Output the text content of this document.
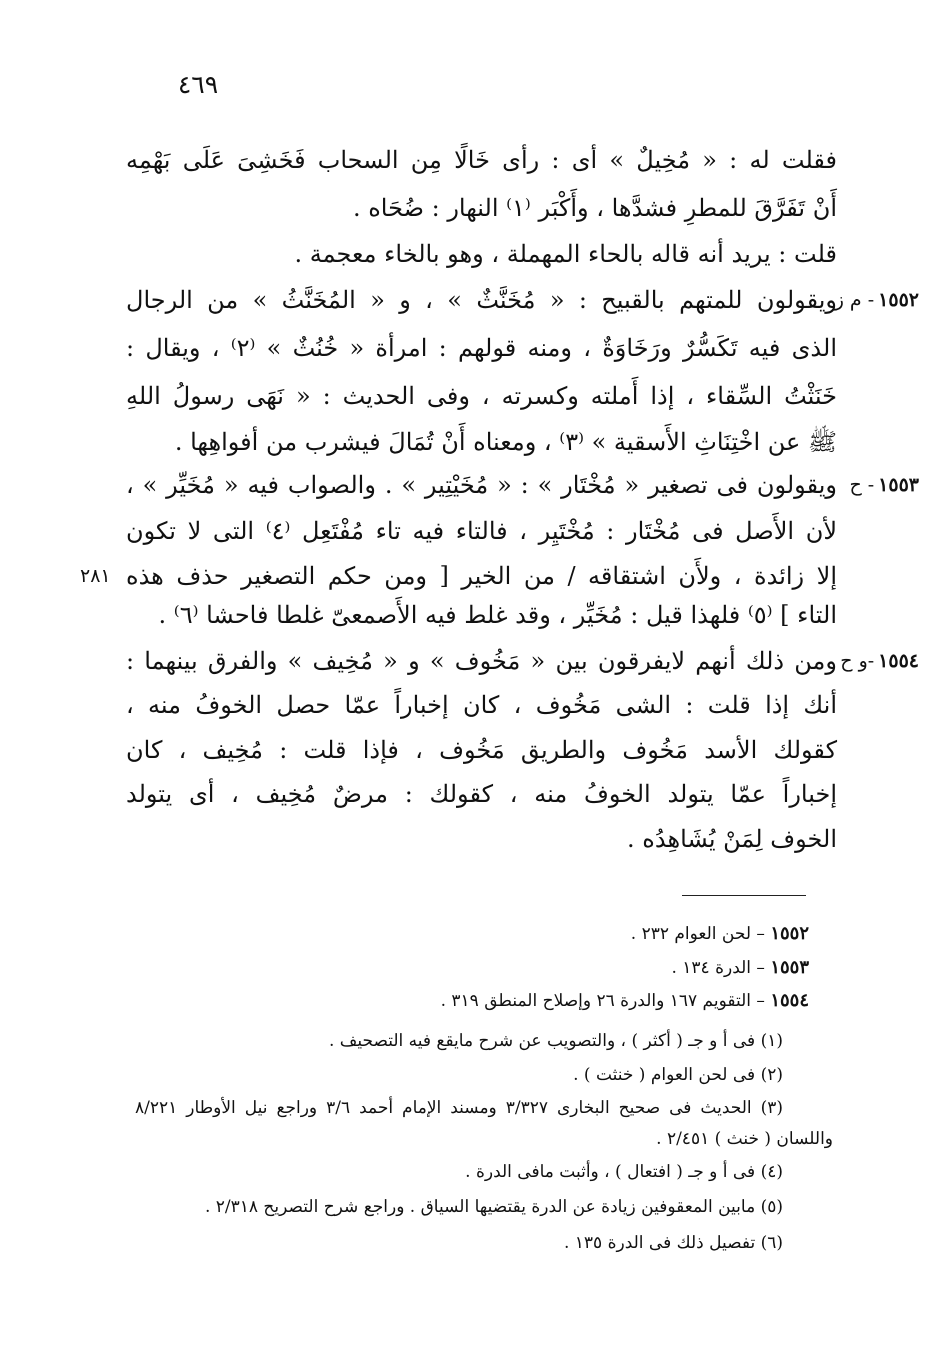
٤٦٩
فقلت له : « مُخِيلٌ » أى : رأى خَالًا مِن السحاب فَخَشِىَ عَلَى بَهْمِه
أَنْ تَفَرَّقَ للمطرِ فشدَّها ، وأَكْبَر ⁽١⁾ النهار : ضُحَاه .
قلت : يريد أنه قاله بالحاء المهملة ، وهو بالخاء معجمة .
١٥٥٢- م ز
ويقولون للمتهم بالقبيح : « مُخَنَّثٌ » ، و « المُخَنَّثُ » من الرجال
الذى فيه تَكَسُّرٌ ورَخَاوَةٌ ، ومنه قولهم : امرأة « خُنُثٌ » ⁽٢⁾ ، ويقال :
خَنَثْتُ السِّقاء ، إذا أَملته وكسرته ، وفى الحديث : « نَهَى رسولُ اللهِ
ﷺ عن اخْتِنَاثِ الأَسقية » ⁽٣⁾ ، ومعناه أَنْ تُمَالَ فيشرب من أفواهِها .
١٥٥٣- ح
ويقولون فى تصغير « مُخْتَار » : « مُخَيْتِير » . والصواب فيه « مُخَيِّر » ،
لأن الأَصل فى مُخْتَار : مُخْتَيِر ، فالتاء فيه تاء مُفْتَعِل ⁽٤⁾ التى لا تكون
٢٨١ إلا زائدة ، ولأَن اشتقاقه / من الخير [ ومن حكم التصغير حذف هذه
التاء ] ⁽٥⁾ فلهذا قيل : مُخَيِّر ، وقد غلط فيه الأَصمعىّ غلطا فاحشا ⁽٦⁾ .
١٥٥٤-و ح
ومن ذلك أنهم لايفرقون بين « مَخُوف » و « مُخِيف » والفرق بينهما :
أنك إذا قلت : الشى مَخُوف ، كان إخباراً عمّا حصل الخوفُ منه ،
كقولك الأسد مَخُوف والطريق مَخُوف ، فإذا قلت : مُخِيف ، كان
إخباراً عمّا يتولد الخوفُ منه ، كقولك : مرضٌ مُخِيف ، أى يتولد
الخوف لِمَنْ يُشَاهِدُه .
١٥٥٢ – لحن العوام ٢٣٢ .
١٥٥٣ – الدرة ١٣٤ .
١٥٥٤ – التقويم ١٦٧ والدرة ٢٦ وإصلاح المنطق ٣١٩ .
(١) فى أ و جـ ( أكثر ) ، والتصويب عن شرح مايقع فيه التصحيف .
(٢) فى لحن العوام ( خنثت ) .
(٣) الحديث فى صحيح البخارى ٣/٣٢٧ ومسند الإمام أحمد ٣/٦ وراجع نيل الأوطار ٨/٢٢١
واللسان ( خنث ) ٢/٤٥١ .
(٤) فى أ و جـ ( افتعال ) ، وأثبت مافى الدرة .
(٥) مابين المعقوفين زيادة عن الدرة يقتضيها السياق . وراجع شرح التصريح ٢/٣١٨ .
(٦) تفصيل ذلك فى الدرة ١٣٥ .
